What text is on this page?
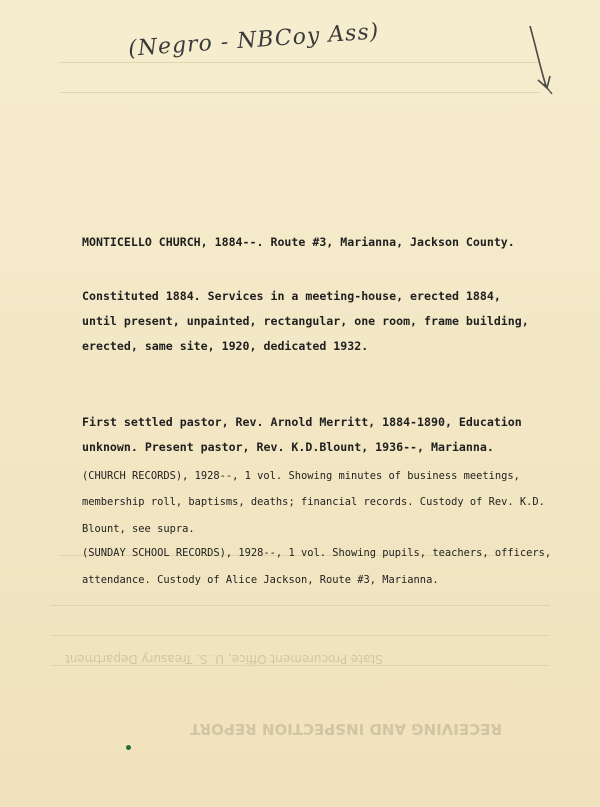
State Procurement Office, U. S. Treasury Department
RECEIVING AND INSPECTION REPORT
(Negro - NBCoy Ass)
MONTICELLO CHURCH, 1884--. Route #3, Marianna, Jackson County.
Constituted 1884. Services in a meeting-house, erected 1884,
until present, unpainted, rectangular, one room, frame building,
erected, same site, 1920, dedicated 1932.
First settled pastor, Rev. Arnold Merritt, 1884-1890, Education
unknown. Present pastor, Rev. K.D.Blount, 1936--, Marianna.
(CHURCH RECORDS), 1928--, 1 vol. Showing minutes of business meetings,
membership roll, baptisms, deaths; financial records. Custody of Rev. K.D.
Blount, see supra.
(SUNDAY SCHOOL RECORDS), 1928--, 1 vol. Showing pupils, teachers, officers,
attendance. Custody of Alice Jackson, Route #3, Marianna.
